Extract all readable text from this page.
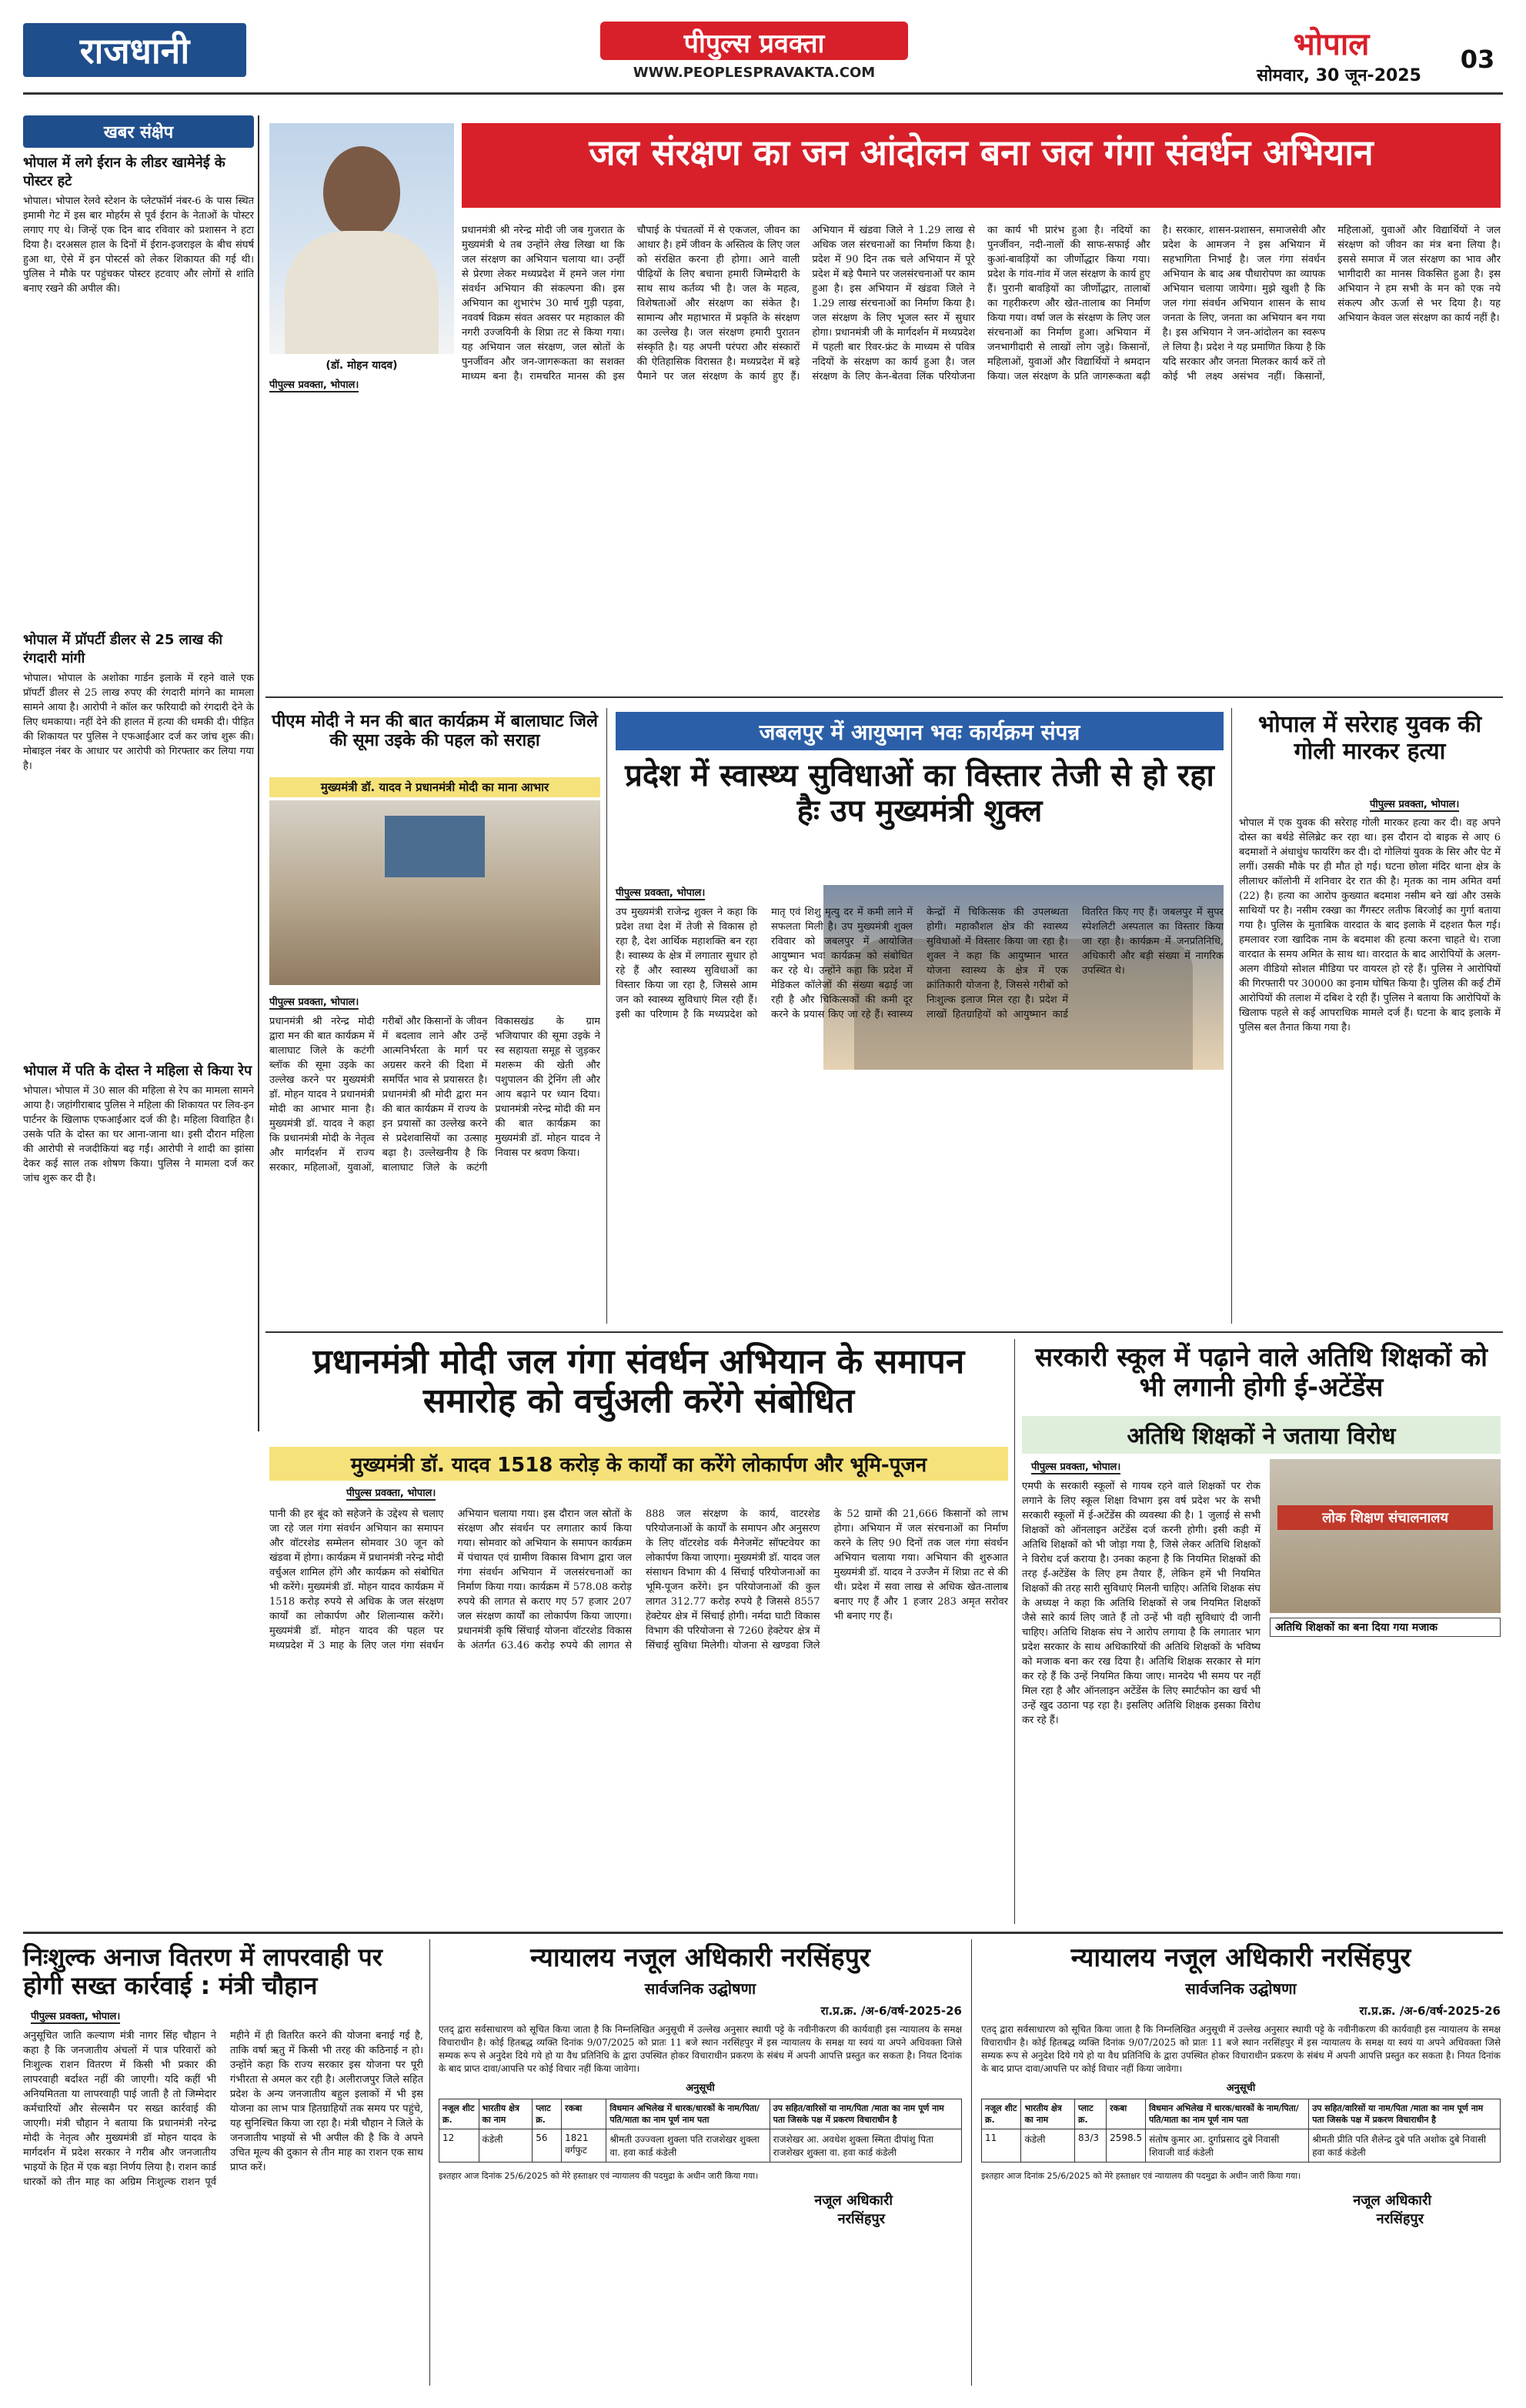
राजधानी	पीपुल्स प्रवक्ता
WWW.PEOPLESPRAVAKTA.COM
भोपाल
सोमवार, 30 जून-2025
03
खबर संक्षेप
भोपाल में लगे ईरान के लीडर खामेनेई के पोस्टर हटे
भोपाल। भोपाल रेलवे स्टेशन के प्लेटफॉर्म नंबर-6 के पास स्थित इमामी गेट में इस बार मोहर्रम से पूर्व ईरान के नेताओं के पोस्टर लगाए गए थे। जिन्हें एक दिन बाद रविवार को प्रशासन ने हटा दिया है। दरअसल हाल के दिनों में ईरान-इजराइल के बीच संघर्ष हुआ था, ऐसे में इन पोस्टर्स को लेकर शिकायत की गई थी। पुलिस ने मौके पर पहुंचकर पोस्टर हटवाए और लोगों से शांति बनाए रखने की अपील की।
भोपाल में प्रॉपर्टी डीलर से 25 लाख की रंगदारी मांगी
भोपाल। भोपाल के अशोका गार्डन इलाके में रहने वाले एक प्रॉपर्टी डीलर से 25 लाख रुपए की रंगदारी मांगने का मामला सामने आया है। आरोपी ने कॉल कर फरियादी को रंगदारी देने के लिए धमकाया। नहीं देने की हालत में हत्या की धमकी दी। पीड़ित की शिकायत पर पुलिस ने एफआईआर दर्ज कर जांच शुरू की। मोबाइल नंबर के आधार पर आरोपी को गिरफ्तार कर लिया गया है।
भोपाल में पति के दोस्त ने महिला से किया रेप
भोपाल। भोपाल में 30 साल की महिला से रेप का मामला सामने आया है। जहांगीराबाद पुलिस ने महिला की शिकायत पर लिव-इन पार्टनर के खिलाफ एफआईआर दर्ज की है। महिला विवाहित है। उसके पति के दोस्त का घर आना-जाना था। इसी दौरान महिला की आरोपी से नजदीकियां बढ़ गईं। आरोपी ने शादी का झांसा देकर कई साल तक शोषण किया। पुलिस ने मामला दर्ज कर जांच शुरू कर दी है।
जल संरक्षण का जन आंदोलन बना जल गंगा संवर्धन अभियान
(डॉ. मोहन यादव)
पीपुल्स प्रवक्ता, भोपाल।
प्रधानमंत्री श्री नरेन्द्र मोदी जी जब गुजरात के मुख्यमंत्री थे तब उन्होंने लेख लिखा था कि जल संरक्षण का अभियान चलाया था। उन्हीं से प्रेरणा लेकर मध्यप्रदेश में हमने जल गंगा संवर्धन अभियान की संकल्पना की। इस अभियान का शुभारंभ 30 मार्च गुड़ी पड़वा, नववर्ष विक्रम संवत अवसर पर महाकाल की नगरी उज्जयिनी के शिप्रा तट से किया गया। यह अभियान जल संरक्षण, जल स्रोतों के पुनर्जीवन और जन-जागरूकता का सशक्त माध्यम बना है। रामचरित मानस की इस चौपाई के पंचतत्वों में से एकजल, जीवन का आधार है। हमें जीवन के अस्तित्व के लिए जल को संरक्षित करना ही होगा। आने वाली पीढ़ियों के लिए बचाना हमारी जिम्मेदारी के साथ साथ कर्तव्य भी है। जल के महत्व, विशेषताओं और संरक्षण का संकेत है। सामान्य और महाभारत में प्रकृति के संरक्षण का उल्लेख है। जल संरक्षण हमारी पुरातन संस्कृति है। यह अपनी परंपरा और संस्कारों की ऐतिहासिक विरासत है। मध्यप्रदेश में बड़े पैमाने पर जल संरक्षण के कार्य हुए हैं। अभियान में खंडवा जिले ने 1.29 लाख से अधिक जल संरचनाओं का निर्माण किया है। प्रदेश में 90 दिन तक चले अभियान में पूरे प्रदेश में बड़े पैमाने पर जलसंरचनाओं पर काम हुआ है। इस अभियान में खंडवा जिले ने 1.29 लाख संरचनाओं का निर्माण किया है। जल संरक्षण के लिए भूजल स्तर में सुधार होगा। प्रधानमंत्री जी के मार्गदर्शन में मध्यप्रदेश में पहली बार रिवर-फ्रंट के माध्यम से पवित्र नदियों के संरक्षण का कार्य हुआ है। जल संरक्षण के लिए केन-बेतवा लिंक परियोजना का कार्य भी प्रारंभ हुआ है। नदियों का पुनर्जीवन, नदी-नालों की साफ-सफाई और कुआं-बावड़ियों का जीर्णोद्धार किया गया। प्रदेश के गांव-गांव में जल संरक्षण के कार्य हुए हैं। पुरानी बावड़ियों का जीर्णोद्धार, तालाबों का गहरीकरण और खेत-तालाब का निर्माण किया गया। वर्षा जल के संरक्षण के लिए जल संरचनाओं का निर्माण हुआ। अभियान में जनभागीदारी से लाखों लोग जुड़े। किसानों, महिलाओं, युवाओं और विद्यार्थियों ने श्रमदान किया। जल संरक्षण के प्रति जागरूकता बढ़ी है। सरकार, शासन-प्रशासन, समाजसेवी और प्रदेश के आमजन ने इस अभियान में सहभागिता निभाई है। जल गंगा संवर्धन अभियान के बाद अब पौधारोपण का व्यापक अभियान चलाया जायेगा। मुझे खुशी है कि जल गंगा संवर्धन अभियान शासन के साथ जनता के लिए, जनता का अभियान बन गया है। इस अभियान ने जन-आंदोलन का स्वरूप ले लिया है। प्रदेश ने यह प्रमाणित किया है कि यदि सरकार और जनता मिलकर कार्य करें तो कोई भी लक्ष्य असंभव नहीं। किसानों, महिलाओं, युवाओं और विद्यार्थियों ने जल संरक्षण को जीवन का मंत्र बना लिया है। इससे समाज में जल संरक्षण का भाव और भागीदारी का मानस विकसित हुआ है। इस अभियान ने हम सभी के मन को एक नये संकल्प और ऊर्जा से भर दिया है। यह अभियान केवल जल संरक्षण का कार्य नहीं है।
पीएम मोदी ने मन की बात कार्यक्रम में बालाघाट जिले की सूमा उइके की पहल को सराहा
मुख्यमंत्री डॉ. यादव ने प्रधानमंत्री मोदी का माना आभार
पीपुल्स प्रवक्ता, भोपाल।
प्रधानमंत्री श्री नरेन्द्र मोदी द्वारा मन की बात कार्यक्रम में बालाघाट जिले के कटंगी ब्लॉक की सूमा उइके का उल्लेख करने पर मुख्यमंत्री डॉ. मोहन यादव ने प्रधानमंत्री मोदी का आभार माना है। मुख्यमंत्री डॉ. यादव ने कहा कि प्रधानमंत्री मोदी के नेतृत्व और मार्गदर्शन में राज्य सरकार, महिलाओं, युवाओं, गरीबों और किसानों के जीवन में बदलाव लाने और उन्हें आत्मनिर्भरता के मार्ग पर अग्रसर करने की दिशा में समर्पित भाव से प्रयासरत है। प्रधानमंत्री श्री मोदी द्वारा मन की बात कार्यक्रम में राज्य के इन प्रयासों का उल्लेख करने से प्रदेशवासियों का उत्साह बढ़ा है। उल्लेखनीय है कि बालाघाट जिले के कटंगी विकासखंड के ग्राम भजियापार की सूमा उइके ने स्व सहायता समूह से जुड़कर मशरूम की खेती और पशुपालन की ट्रेनिंग ली और आय बढ़ाने पर ध्यान दिया। प्रधानमंत्री नरेन्द्र मोदी की मन की बात कार्यक्रम का मुख्यमंत्री डॉ. मोहन यादव ने निवास पर श्रवण किया।
जबलपुर में आयुष्मान भवः कार्यक्रम संपन्न
प्रदेश में स्वास्थ्य सुविधाओं का विस्तार तेजी से हो रहा हैः उप मुख्यमंत्री शुक्ल
पीपुल्स प्रवक्ता, भोपाल।
उप मुख्यमंत्री राजेन्द्र शुक्ल ने कहा कि प्रदेश तथा देश में तेजी से विकास हो रहा है, देश आर्थिक महाशक्ति बन रहा है। स्वास्थ्य के क्षेत्र में लगातार सुधार हो रहे हैं और स्वास्थ्य सुविधाओं का विस्तार किया जा रहा है, जिससे आम जन को स्वास्थ्य सुविधाएं मिल रही हैं। इसी का परिणाम है कि मध्यप्रदेश को मातृ एवं शिशु मृत्यु दर में कमी लाने में सफलता मिली है। उप मुख्यमंत्री शुक्ल रविवार को जबलपुर में आयोजित आयुष्मान भवः कार्यक्रम को संबोधित कर रहे थे। उन्होंने कहा कि प्रदेश में मेडिकल कॉलेजों की संख्या बढ़ाई जा रही है और चिकित्सकों की कमी दूर करने के प्रयास किए जा रहे हैं। स्वास्थ्य केन्द्रों में चिकित्सक की उपलब्धता होगी। महाकौशल क्षेत्र की स्वास्थ्य सुविधाओं में विस्तार किया जा रहा है। शुक्ल ने कहा कि आयुष्मान भारत योजना स्वास्थ्य के क्षेत्र में एक क्रांतिकारी योजना है, जिससे गरीबों को निःशुल्क इलाज मिल रहा है। प्रदेश में लाखों हितग्राहियों को आयुष्मान कार्ड वितरित किए गए हैं। जबलपुर में सुपर स्पेशलिटी अस्पताल का विस्तार किया जा रहा है। कार्यक्रम में जनप्रतिनिधि, अधिकारी और बड़ी संख्या में नागरिक उपस्थित थे।
भोपाल में सरेराह युवक की गोली मारकर हत्या
पीपुल्स प्रवक्ता, भोपाल।
भोपाल में एक युवक की सरेराह गोली मारकर हत्या कर दी। वह अपने दोस्त का बर्थडे सेलिब्रेट कर रहा था। इस दौरान दो बाइक से आए 6 बदमाशों ने अंधाधुंध फायरिंग कर दी। दो गोलियां युवक के सिर और पेट में लगीं। उसकी मौके पर ही मौत हो गई। घटना छोला मंदिर थाना क्षेत्र के लीलाधर कॉलोनी में शनिवार देर रात की है। मृतक का नाम अमित वर्मा (22) है। हत्या का आरोप कुख्यात बदमाश नसीम बने खां और उसके साथियों पर है। नसीम रक्खा का गैंगस्टर लतीफ बिरजोई का गुर्गा बताया गया है। पुलिस के मुताबिक वारदात के बाद इलाके में दहशत फैल गई। हमलावर रजा खादिक नाम के बदमाश की हत्या करना चाहते थे। राजा वारदात के समय अमित के साथ था। वारदात के बाद आरोपियों के अलग-अलग वीडियो सोशल मीडिया पर वायरल हो रहे हैं। पुलिस ने आरोपियों की गिरफ्तारी पर 30000 का इनाम घोषित किया है। पुलिस की कई टीमें आरोपियों की तलाश में दबिश दे रही हैं। पुलिस ने बताया कि आरोपियों के खिलाफ पहले से कई आपराधिक मामले दर्ज हैं। घटना के बाद इलाके में पुलिस बल तैनात किया गया है।
प्रधानमंत्री मोदी जल गंगा संवर्धन अभियान के समापन समारोह को वर्चुअली करेंगे संबोधित
मुख्यमंत्री डॉ. यादव 1518 करोड़ के कार्यों का करेंगे लोकार्पण और भूमि-पूजन
पीपुल्स प्रवक्ता, भोपाल।
पानी की हर बूंद को सहेजने के उद्देश्य से चलाए जा रहे जल गंगा संवर्धन अभियान का समापन और वॉटरशेड सम्मेलन सोमवार 30 जून को खंडवा में होगा। कार्यक्रम में प्रधानमंत्री नरेन्द्र मोदी वर्चुअल शामिल होंगे और कार्यक्रम को संबोधित भी करेंगे। मुख्यमंत्री डॉ. मोहन यादव कार्यक्रम में 1518 करोड़ रुपये से अधिक के जल संरक्षण कार्यों का लोकार्पण और शिलान्यास करेंगे। मुख्यमंत्री डॉ. मोहन यादव की पहल पर मध्यप्रदेश में 3 माह के लिए जल गंगा संवर्धन अभियान चलाया गया। इस दौरान जल स्रोतों के संरक्षण और संवर्धन पर लगातार कार्य किया गया। सोमवार को अभियान के समापन कार्यक्रम में पंचायत एवं ग्रामीण विकास विभाग द्वारा जल गंगा संवर्धन अभियान में जलसंरचनाओं का निर्माण किया गया। कार्यक्रम में 578.08 करोड़ रुपये की लागत से कराए गए 57 हजार 207 जल संरक्षण कार्यों का लोकार्पण किया जाएगा। प्रधानमंत्री कृषि सिंचाई योजना वॉटरशेड विकास के अंतर्गत 63.46 करोड़ रुपये की लागत से 888 जल संरक्षण के कार्य, वाटरशेड परियोजनाओं के कार्यों के समापन और अनुसरण के लिए वॉटरशेड वर्क मैनेजमेंट सॉफ्टवेयर का लोकार्पण किया जाएगा। मुख्यमंत्री डॉ. यादव जल संसाधन विभाग की 4 सिंचाई परियोजनाओं का भूमि-पूजन करेंगे। इन परियोजनाओं की कुल लागत 312.77 करोड़ रुपये है जिससे 8557 हेक्टेयर क्षेत्र में सिंचाई होगी। नर्मदा घाटी विकास विभाग की परियोजना से 7260 हेक्टेयर क्षेत्र में सिंचाई सुविधा मिलेगी। योजना से खण्डवा जिले के 52 ग्रामों की 21,666 किसानों को लाभ होगा। अभियान में जल संरचनाओं का निर्माण करने के लिए 90 दिनों तक जल गंगा संवर्धन अभियान चलाया गया। अभियान की शुरुआत मुख्यमंत्री डॉ. यादव ने उज्जैन में शिप्रा तट से की थी। प्रदेश में सवा लाख से अधिक खेत-तालाब बनाए गए हैं और 1 हजार 283 अमृत सरोवर भी बनाए गए हैं।
सरकारी स्कूल में पढ़ाने वाले अतिथि शिक्षकों को भी लगानी होगी ई-अटेंडेंस
अतिथि शिक्षकों ने जताया विरोध
पीपुल्स प्रवक्ता, भोपाल।
लोक शिक्षण संचालनालय
अतिथि शिक्षकों का बना दिया गया मजाक
एमपी के सरकारी स्कूलों से गायब रहने वाले शिक्षकों पर रोक लगाने के लिए स्कूल शिक्षा विभाग इस वर्ष प्रदेश भर के सभी सरकारी स्कूलों में ई-अटेंडेंस की व्यवस्था की है। 1 जुलाई से सभी शिक्षकों को ऑनलाइन अटेंडेंस दर्ज करनी होगी। इसी कड़ी में अतिथि शिक्षकों को भी जोड़ा गया है, जिसे लेकर अतिथि शिक्षकों ने विरोध दर्ज कराया है। उनका कहना है कि नियमित शिक्षकों की तरह ई-अटेंडेंस के लिए हम तैयार हैं, लेकिन हमें भी नियमित शिक्षकों की तरह सारी सुविधाएं मिलनी चाहिए। अतिथि शिक्षक संघ के अध्यक्ष ने कहा कि अतिथि शिक्षकों से जब नियमित शिक्षकों जैसे सारे कार्य लिए जाते हैं तो उन्हें भी वही सुविधाएं दी जानी चाहिए। अतिथि शिक्षक संघ ने आरोप लगाया है कि लगातार भाग प्रदेश सरकार के साथ अधिकारियों की अतिथि शिक्षकों के भविष्य को मजाक बना कर रख दिया है। अतिथि शिक्षक सरकार से मांग कर रहे हैं कि उन्हें नियमित किया जाए। मानदेय भी समय पर नहीं मिल रहा है और ऑनलाइन अटेंडेंस के लिए स्मार्टफोन का खर्च भी उन्हें खुद उठाना पड़ रहा है। इसलिए अतिथि शिक्षक इसका विरोध कर रहे हैं।
निःशुल्क अनाज वितरण में लापरवाही पर होगी सख्त कार्रवाई : मंत्री चौहान
पीपुल्स प्रवक्ता, भोपाल।
अनुसूचित जाति कल्याण मंत्री नागर सिंह चौहान ने कहा है कि जनजातीय अंचलों में पात्र परिवारों को निःशुल्क राशन वितरण में किसी भी प्रकार की लापरवाही बर्दाश्त नहीं की जाएगी। यदि कहीं भी अनियमितता या लापरवाही पाई जाती है तो जिम्मेदार कर्मचारियों और सेल्समैन पर सख्त कार्रवाई की जाएगी। मंत्री चौहान ने बताया कि प्रधानमंत्री नरेन्द्र मोदी के नेतृत्व और मुख्यमंत्री डॉ मोहन यादव के मार्गदर्शन में प्रदेश सरकार ने गरीब और जनजातीय भाइयों के हित में एक बड़ा निर्णय लिया है। राशन कार्ड धारकों को तीन माह का अग्रिम निःशुल्क राशन पूर्व महीने में ही वितरित करने की योजना बनाई गई है, ताकि वर्षा ऋतु में किसी भी तरह की कठिनाई न हो। उन्होंने कहा कि राज्य सरकार इस योजना पर पूरी गंभीरता से अमल कर रही है। अलीराजपुर जिले सहित प्रदेश के अन्य जनजातीय बहुल इलाकों में भी इस योजना का लाभ पात्र हितग्राहियों तक समय पर पहुंचे, यह सुनिश्चित किया जा रहा है। मंत्री चौहान ने जिले के जनजातीय भाइयों से भी अपील की है कि वे अपने उचित मूल्य की दुकान से तीन माह का राशन एक साथ प्राप्त करें।
न्यायालय नजूल अधिकारी नरसिंहपुर
सार्वजनिक उद्घोषणा
रा.प्र.क्र. /अ-6/वर्ष-2025-26
एतद् द्वारा सर्वसाधारण को सूचित किया जाता है कि निम्नलिखित अनुसूची में उल्लेख अनुसार स्थायी पट्टे के नवीनीकरण की कार्यवाही इस न्यायालय के समक्ष विचाराधीन है। कोई हितबद्ध व्यक्ति दिनांक 9/07/2025 को प्रातः 11 बजे स्थान नरसिंहपुर में इस न्यायालय के समक्ष या स्वयं या अपने अधिवक्ता जिसे सम्यक रूप से अनुदेश दिये गये हो या वैध प्रतिनिधि के द्वारा उपस्थित होकर विचाराधीन प्रकरण के संबंध में अपनी आपत्ति प्रस्तुत कर सकता है। नियत दिनांक के बाद प्राप्त दावा/आपत्ति पर कोई विचार नहीं किया जावेगा।
अनुसूची
नजूल शीट क्र.	भारतीय क्षेत्र का नाम	प्लाट क्र.	रकबा	विधमान अभिलेख में धारक/धारकों के नाम/पिता/पति/माता का नाम पूर्ण नाम पता	उप सहित/वारिसों या नाम/पिता /माता का नाम पूर्ण नाम पता जिसके पक्ष में प्रकरण विचाराधीन है
12	कंडेली	56	1821 वर्गफुट	श्रीमती उज्ज्वला शुक्ला पति राजशेखर शुक्ला वा. हवा कार्ड कंडेली	राजशेखर आ. अवधेश शुक्ला स्मिता दीपांशु पिता राजशेखर शुक्ला वा. हवा कार्ड कंडेली
इश्तहार आज दिनांक 25/6/2025 को मेरे हस्ताक्षर एवं न्यायालय की पदमुद्रा के अधीन जारी किया गया।
नजूल अधिकारी
नरसिंहपुर
न्यायालय नजूल अधिकारी नरसिंहपुर
सार्वजनिक उद्घोषणा
रा.प्र.क्र. /अ-6/वर्ष-2025-26
एतद् द्वारा सर्वसाधारण को सूचित किया जाता है कि निम्नलिखित अनुसूची में उल्लेख अनुसार स्थायी पट्टे के नवीनीकरण की कार्यवाही इस न्यायालय के समक्ष विचाराधीन है। कोई हितबद्ध व्यक्ति दिनांक 9/07/2025 को प्रातः 11 बजे स्थान नरसिंहपुर में इस न्यायालय के समक्ष या स्वयं या अपने अधिवक्ता जिसे सम्यक रूप से अनुदेश दिये गये हो या वैध प्रतिनिधि के द्वारा उपस्थित होकर विचाराधीन प्रकरण के संबंध में अपनी आपत्ति प्रस्तुत कर सकता है। नियत दिनांक के बाद प्राप्त दावा/आपत्ति पर कोई विचार नहीं किया जावेगा।
अनुसूची
नजूल शीट क्र.	भारतीय क्षेत्र का नाम	प्लाट क्र.	रकबा	विधमान अभिलेख में धारक/धारकों के नाम/पिता/पति/माता का नाम पूर्ण नाम पता	उप सहित/वारिसों या नाम/पिता /माता का नाम पूर्ण नाम पता जिसके पक्ष में प्रकरण विचाराधीन है
11	कंडेली	83/3	2598.5	संतोष कुमार आ. दुर्गाप्रसाद दुबे निवासी शिवाजी वार्ड कंडेली	श्रीमती प्रीति पति शैलेन्द्र दुबे पति अशोक दुबे निवासी हवा कार्ड कंडेली
इश्तहार आज दिनांक 25/6/2025 को मेरे हस्ताक्षर एवं न्यायालय की पदमुद्रा के अधीन जारी किया गया।
नजूल अधिकारी
नरसिंहपुर
